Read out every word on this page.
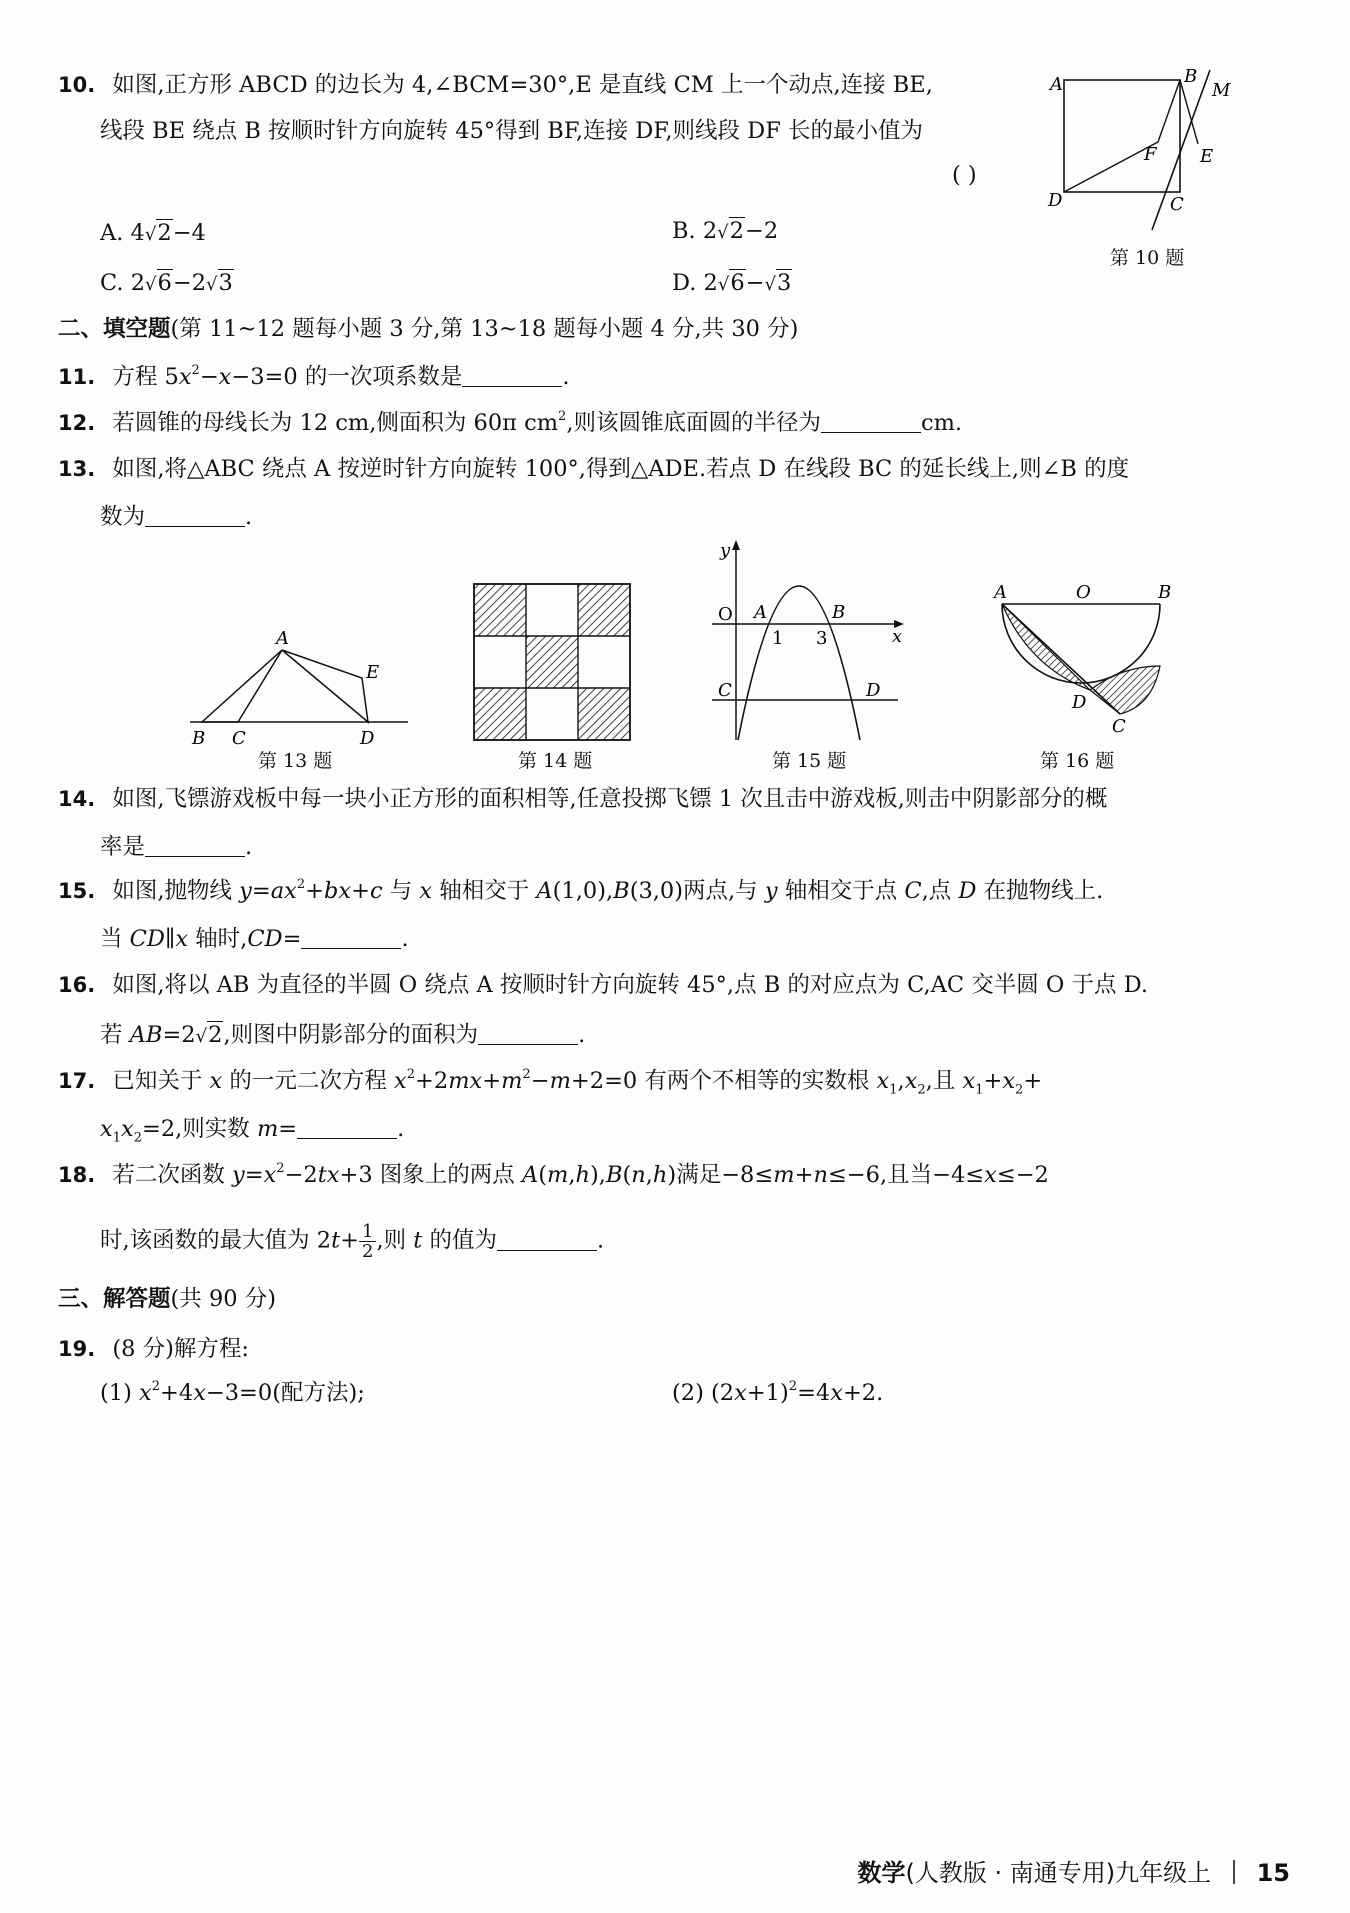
10. 如图,正方形 ABCD 的边长为 4,∠BCM=30°,E 是直线 CM 上一个动点,连接 BE,
线段 BE 绕点 B 按顺时针方向旋转 45°得到 BF,连接 DF,则线段 DF 长的最小值为
( )
A. 4√2−4	B. 2√2−2
C. 2√6−2√3	D. 2√6−√3
A	B
M
F E
D	C
第 10 题
二、填空题(第 11~12 题每小题 3 分,第 13~18 题每小题 4 分,共 30 分)
11. 方程 $5x^2-x-3=0$ 的一次项系数是	.
12. 若圆锥的母线长为 12 cm,侧面积为 60π $cm^2$,则该圆锥底面圆的半径为	cm.
13. 如图,将△ABC 绕点 A 按逆时针方向旋转 100°,得到△ADE.若点 D 在线段 BC 的延长线上,则∠B 的度
数为	.
A
E
B C	D
第 13 题	第 14 题
y
O A	B
1 3	x
C	D
第 15 题
A	O	B
D
C
第 16 题
14. 如图,飞镖游戏板中每一块小正方形的面积相等,任意投掷飞镖 1 次且击中游戏板,则击中阴影部分的概
率是	.
15. 如图,抛物线 $y=ax^2+bx+c$ 与 x 轴相交于 A(1,0),B(3,0)两点,与 y 轴相交于点 C,点 D 在抛物线上.
当 CD∥x 轴时,CD=	.
16. 如图,将以 AB 为直径的半圆 O 绕点 A 按顺时针方向旋转 45°,点 B 的对应点为 C,AC 交半圆 O 于点 D.
若 AB=2√2,则图中阴影部分的面积为	.
17. 已知关于 x 的一元二次方程 $x^2+2mx+m^2-m+2=0$ 有两个不相等的实数根 $x_1,x_2$,且 $x_1+x_2+$
$x_1x_2=2$,则实数 m=	.
18. 若二次函数 $y=x^2-2tx+3$ 图象上的两点 A(m,h),B(n,h)满足−8≤m+n≤−6,且当−4≤x≤−2
时,该函数的最大值为 $2t+ \frac{1}{2}$ ,则 t 的值为	.
三、解答题(共 90 分)
19. (8 分)解方程:
(1) $x^2+4x-3=0$(配方法);	(2) $(2x+1)^2=4x+2$.
数学(人教版 · 南通专用)九年级上 15
